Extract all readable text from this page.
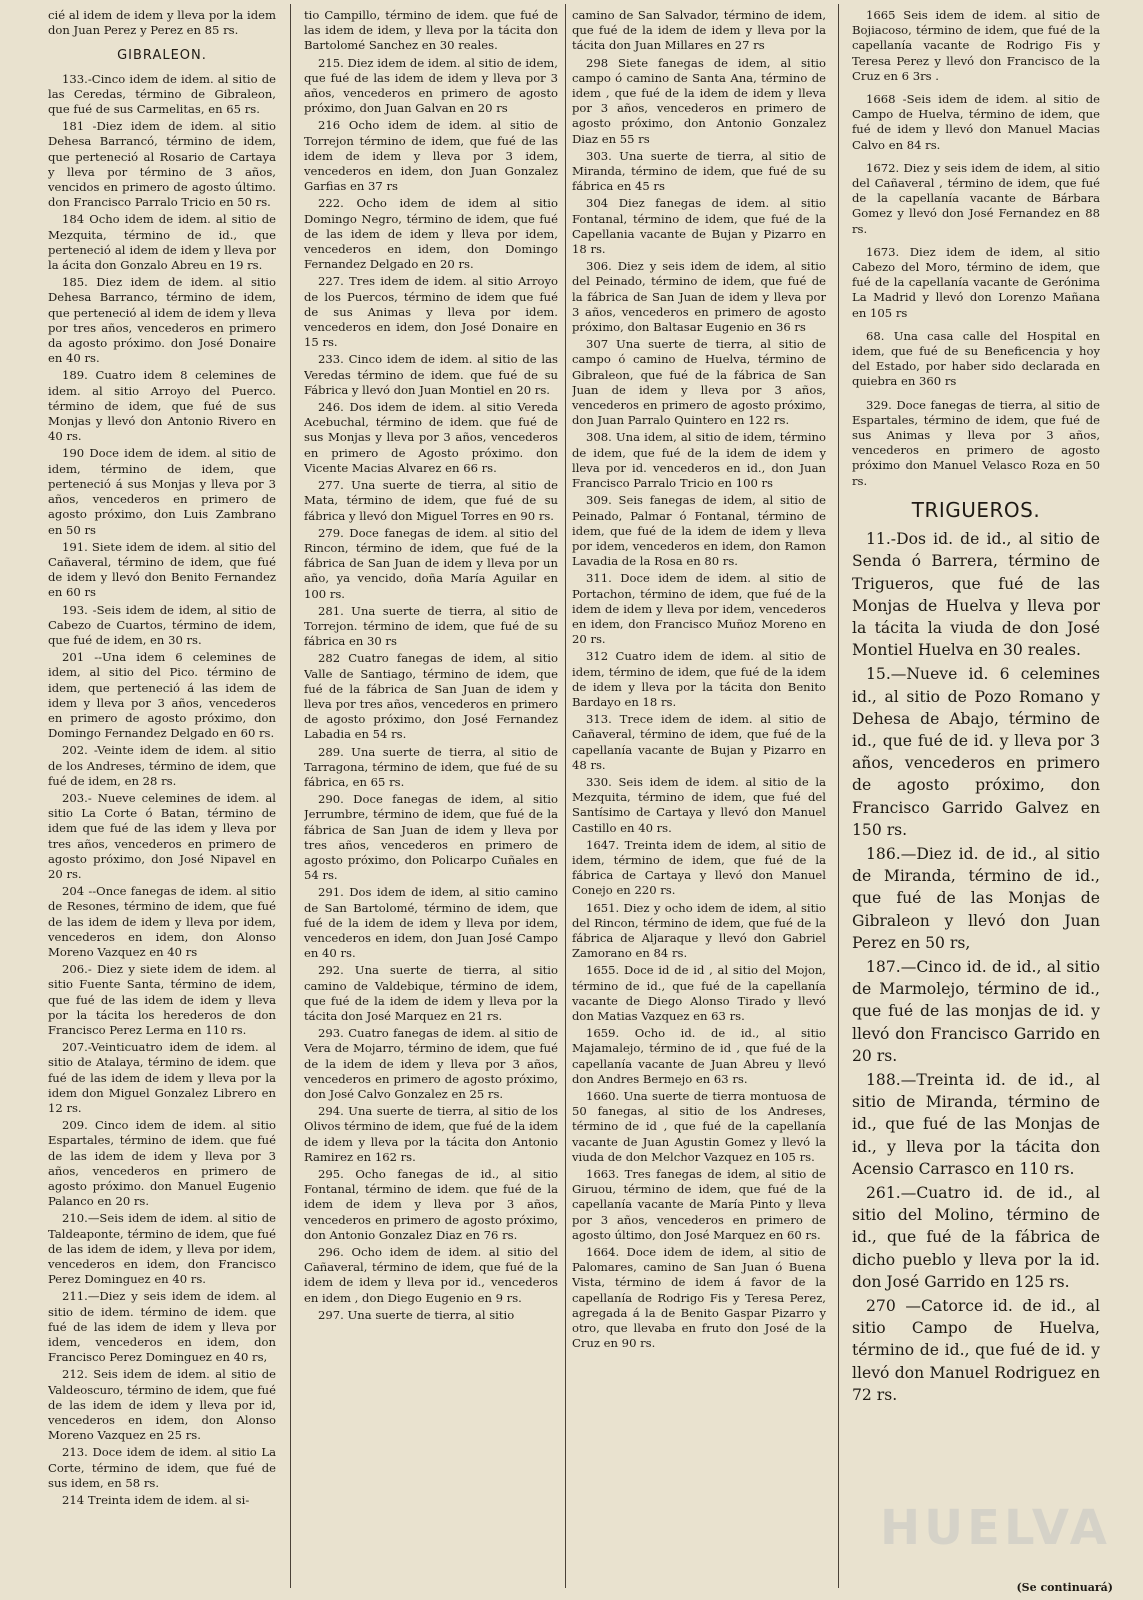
cié al idem de idem y lleva por la idem don Juan Perez y Perez en 85 rs.

GIBRALEON.

133.-Cinco idem de idem. al sitio de las Ceredas, término de Gibraleon, que fué de sus Carmelitas, en 65 rs.

181 -Diez idem de idem. al sitio Dehesa Barrancó, término de idem, que perteneció al Rosario de Cartaya y lleva por término de 3 años, vencidos en primero de agosto último. don Francisco Parralo Tricio en 50 rs.

184 Ocho idem de idem. al sitio de Mezquita, término de id., que perteneció al idem de idem y lleva por la ácita don Gonzalo Abreu en 19 rs.

185. Diez idem de idem. al sitio Dehesa Barranco, término de idem, que perteneció al idem de idem y lleva por tres años, vencederos en primero da agosto próximo. don José Donaire en 40 rs.

189. Cuatro idem 8 celemines de idem. al sitio Arroyo del Puerco. término de idem, que fué de sus Monjas y llevó don Antonio Rivero en 40 rs.

190 Doce idem de idem. al sitio de idem, término de idem, que perteneció á sus Monjas y lleva por 3 años, vencederos en primero de agosto próximo, don Luis Zambrano en 50 rs

191. Siete idem de idem. al sitio del Cañaveral, término de idem, que fué de idem y llevó don Benito Fernandez en 60 rs

193. -Seis idem de idem, al sitio de Cabezo de Cuartos, término de idem, que fué de idem, en 30 rs.

201 --Una idem 6 celemines de idem, al sitio del Pico. término de idem, que perteneció á las idem de idem y lleva por 3 años, vencederos en primero de agosto próximo, don Domingo Fernandez Delgado en 60 rs.

202. -Veinte idem de idem. al sitio de los Andreses, término de idem, que fué de idem, en 28 rs.

203.- Nueve celemines de idem. al sitio La Corte ó Batan, término de idem que fué de las idem y lleva por tres años, vencederos en primero de agosto próximo, don José Nipavel en 20 rs.

204 --Once fanegas de idem. al sitio de Resones, término de idem, que fué de las idem de idem y lleva por idem, vencederos en idem, don Alonso Moreno Vazquez en 40 rs

206.- Diez y siete idem de idem. al sitio Fuente Santa, término de idem, que fué de las idem de idem y lleva por la tácita los herederos de don Francisco Perez Lerma en 110 rs.

207.-Veinticuatro idem de idem. al sitio de Atalaya, término de idem. que fué de las idem de idem y lleva por la idem don Miguel Gonzalez Librero en 12 rs.

209. Cinco idem de idem. al sitio Espartales, término de idem. que fué de las idem de idem y lleva por 3 años, vencederos en primero de agosto próximo. don Manuel Eugenio Palanco en 20 rs.

210.—Seis idem de idem. al sitio de Taldeaponte, término de idem, que fué de las idem de idem, y lleva por idem, vencederos en idem, don Francisco Perez Dominguez en 40 rs.

211.—Diez y seis idem de idem. al sitio de idem. término de idem. que fué de las idem de idem y lleva por idem, vencederos en idem, don Francisco Perez Dominguez en 40 rs,

212. Seis idem de idem. al sitio de Valdeoscuro, término de idem, que fué de las idem de idem y lleva por id, vencederos en idem, don Alonso Moreno Vazquez en 25 rs.

213. Doce idem de idem. al sitio La Corte, término de idem, que fué de sus idem, en 58 rs.

214 Treinta idem de idem. al si-

tio Campillo, término de idem. que fué de las idem de idem, y lleva por la tácita don Bartolomé Sanchez en 30 reales.

215. Diez idem de idem. al sitio de idem, que fué de las idem de idem y lleva por 3 años, vencederos en primero de agosto próximo, don Juan Galvan en 20 rs

216 Ocho idem de idem. al sitio de Torrejon término de idem, que fué de las idem de idem y lleva por 3 idem, vencederos en idem, don Juan Gonzalez Garfias en 37 rs

222. Ocho idem de idem al sitio Domingo Negro, término de idem, que fué de las idem de idem y lleva por idem, vencederos en idem, don Domingo Fernandez Delgado en 20 rs.

227. Tres idem de idem. al sitio Arroyo de los Puercos, término de idem que fué de sus Animas y lleva por idem. vencederos en idem, don José Donaire en 15 rs.

233. Cinco idem de idem. al sitio de las Veredas término de idem. que fué de su Fábrica y llevó don Juan Montiel en 20 rs.

246. Dos idem de idem. al sitio Vereda Acebuchal, término de idem. que fué de sus Monjas y lleva por 3 años, vencederos en primero de Agosto próximo. don Vicente Macias Alvarez en 66 rs.

277. Una suerte de tierra, al sitio de Mata, término de idem, que fué de su fábrica y llevó don Miguel Torres en 90 rs.

279. Doce fanegas de idem. al sitio del Rincon, término de idem, que fué de la fábrica de San Juan de idem y lleva por un año, ya vencido, doña María Aguilar en 100 rs.

281. Una suerte de tierra, al sitio de Torrejon. término de idem, que fué de su fábrica en 30 rs

282 Cuatro fanegas de idem, al sitio Valle de Santiago, término de idem, que fué de la fábrica de San Juan de idem y lleva por tres años, vencederos en primero de agosto próximo, don José Fernandez Labadia en 54 rs.

289. Una suerte de tierra, al sitio de Tarragona, término de idem, que fué de su fábrica, en 65 rs.

290. Doce fanegas de idem, al sitio Jerrumbre, término de idem, que fué de la fábrica de San Juan de idem y lleva por tres años, vencederos en primero de agosto próximo, don Policarpo Cuñales en 54 rs.

291. Dos idem de idem, al sitio camino de San Bartolomé, término de idem, que fué de la idem de idem y lleva por idem, vencederos en idem, don Juan José Campo en 40 rs.

292. Una suerte de tierra, al sitio camino de Valdebique, término de idem, que fué de la idem de idem y lleva por la tácita don José Marquez en 21 rs.

293. Cuatro fanegas de idem. al sitio de Vera de Mojarro, término de idem, que fué de la idem de idem y lleva por 3 años, vencederos en primero de agosto próximo, don José Calvo Gonzalez en 25 rs.

294. Una suerte de tierra, al sitio de los Olivos término de idem, que fué de la idem de idem y lleva por la tácita don Antonio Ramirez en 162 rs.

295. Ocho fanegas de id., al sitio Fontanal, término de idem. que fué de la idem de idem y lleva por 3 años, vencederos en primero de agosto próximo, don Antonio Gonzalez Diaz en 76 rs.

296. Ocho idem de idem. al sitio del Cañaveral, término de idem, que fué de la idem de idem y lleva por id., vencederos en idem , don Diego Eugenio en 9 rs.

297. Una suerte de tierra, al sitio

camino de San Salvador, término de idem, que fué de la idem de idem y lleva por la tácita don Juan Millares en 27 rs

298 Siete fanegas de idem, al sitio campo ó camino de Santa Ana, término de idem , que fué de la idem de idem y lleva por 3 años, vencederos en primero de agosto próximo, don Antonio Gonzalez Diaz en 55 rs

303. Una suerte de tierra, al sitio de Miranda, término de idem, que fué de su fábrica en 45 rs

304 Diez fanegas de idem. al sitio Fontanal, término de idem, que fué de la Capellania vacante de Bujan y Pizarro en 18 rs.

306. Diez y seis idem de idem, al sitio del Peinado, término de idem, que fué de la fábrica de San Juan de idem y lleva por 3 años, vencederos en primero de agosto próximo, don Baltasar Eugenio en 36 rs

307 Una suerte de tierra, al sitio de campo ó camino de Huelva, término de Gibraleon, que fué de la fábrica de San Juan de idem y lleva por 3 años, vencederos en primero de agosto próximo, don Juan Parralo Quintero en 122 rs.

308. Una idem, al sitio de idem, término de idem, que fué de la idem de idem y lleva por id. vencederos en id., don Juan Francisco Parralo Tricio en 100 rs

309. Seis fanegas de idem, al sitio de Peinado, Palmar ó Fontanal, término de idem, que fué de la idem de idem y lleva por idem, vencederos en idem, don Ramon Lavadia de la Rosa en 80 rs.

311. Doce idem de idem. al sitio de Portachon, término de idem, que fué de la idem de idem y lleva por idem, vencederos en idem, don Francisco Muñoz Moreno en 20 rs.

312 Cuatro idem de idem. al sitio de idem, término de idem, que fué de la idem de idem y lleva por la tácita don Benito Bardayo en 18 rs.

313. Trece idem de idem. al sitio de Cañaveral, término de idem, que fué de la capellanía vacante de Bujan y Pizarro en 48 rs.

330. Seis idem de idem. al sitio de la Mezquita, término de idem, que fué del Santísimo de Cartaya y llevó don Manuel Castillo en 40 rs.

1647. Treinta idem de idem, al sitio de idem, término de idem, que fué de la fábrica de Cartaya y llevó don Manuel Conejo en 220 rs.

1651. Diez y ocho idem de idem, al sitio del Rincon, término de idem, que fué de la fábrica de Aljaraque y llevó don Gabriel Zamorano en 84 rs.

1655. Doce id de id , al sitio del Mojon, término de id., que fué de la capellanía vacante de Diego Alonso Tirado y llevó don Matias Vazquez en 63 rs.

1659. Ocho id. de id., al sitio Majamalejo, término de id , que fué de la capellanía vacante de Juan Abreu y llevó don Andres Bermejo en 63 rs.

1660. Una suerte de tierra montuosa de 50 fanegas, al sitio de los Andreses, término de id , que fué de la capellanía vacante de Juan Agustin Gomez y llevó la viuda de don Melchor Vazquez en 105 rs.

1663. Tres fanegas de idem, al sitio de Giruou, término de idem, que fué de la capellanía vacante de María Pinto y lleva por 3 años, vencederos en primero de agosto último, don José Marquez en 60 rs.

1664. Doce idem de idem, al sitio de Palomares, camino de San Juan ó Buena Vista, término de idem á favor de la capellanía de Rodrigo Fis y Teresa Perez, agregada á la de Benito Gaspar Pizarro y otro, que llevaba en fruto don José de la Cruz en 90 rs.

1665 Seis idem de idem. al sitio de Bojiacoso, término de idem, que fué de la capellanía vacante de Rodrigo Fis y Teresa Perez y llevó don Francisco de la Cruz en 6 3rs .

1668 -Seis idem de idem. al sitio de Campo de Huelva, término de idem, que fué de idem y llevó don Manuel Macias Calvo en 84 rs.

1672. Diez y seis idem de idem, al sitio del Cañaveral , término de idem, que fué de la capellanía vacante de Bárbara Gomez y llevó don José Fernandez en 88 rs.

1673. Diez idem de idem, al sitio Cabezo del Moro, término de idem, que fué de la capellanía vacante de Gerónima La Madrid y llevó don Lorenzo Mañana en 105 rs

68. Una casa calle del Hospital en idem, que fué de su Beneficencia y hoy del Estado, por haber sido declarada en quiebra en 360 rs

329. Doce fanegas de tierra, al sitio de Espartales, término de idem, que fué de sus Animas y lleva por 3 años, vencederos en primero de agosto próximo don Manuel Velasco Roza en 50 rs.

TRIGUEROS.

11.-Dos id. de id., al sitio de Senda ó Barrera, término de Trigueros, que fué de las Monjas de Huelva y lleva por la tácita la viuda de don José Montiel Huelva en 30 reales.

15.—Nueve id. 6 celemines id., al sitio de Pozo Romano y Dehesa de Abajo, término de id., que fué de id. y lleva por 3 años, vencederos en primero de agosto próximo, don Francisco Garrido Galvez en 150 rs.

186.—Diez id. de id., al sitio de Miranda, término de id., que fué de las Monjas de Gibraleon y llevó don Juan Perez en 50 rs,

187.—Cinco id. de id., al sitio de Marmolejo, término de id., que fué de las monjas de id. y llevó don Francisco Garrido en 20 rs.

188.—Treinta id. de id., al sitio de Miranda, término de id., que fué de las Monjas de id., y lleva por la tácita don Acensio Carrasco en 110 rs.

261.—Cuatro id. de id., al sitio del Molino, término de id., que fué de la fábrica de dicho pueblo y lleva por la id. don José Garrido en 125 rs.

270 —Catorce id. de id., al sitio Campo de Huelva, término de id., que fué de id. y llevó don Manuel Rodriguez en 72 rs.

HUELVA
(Se continuará)
